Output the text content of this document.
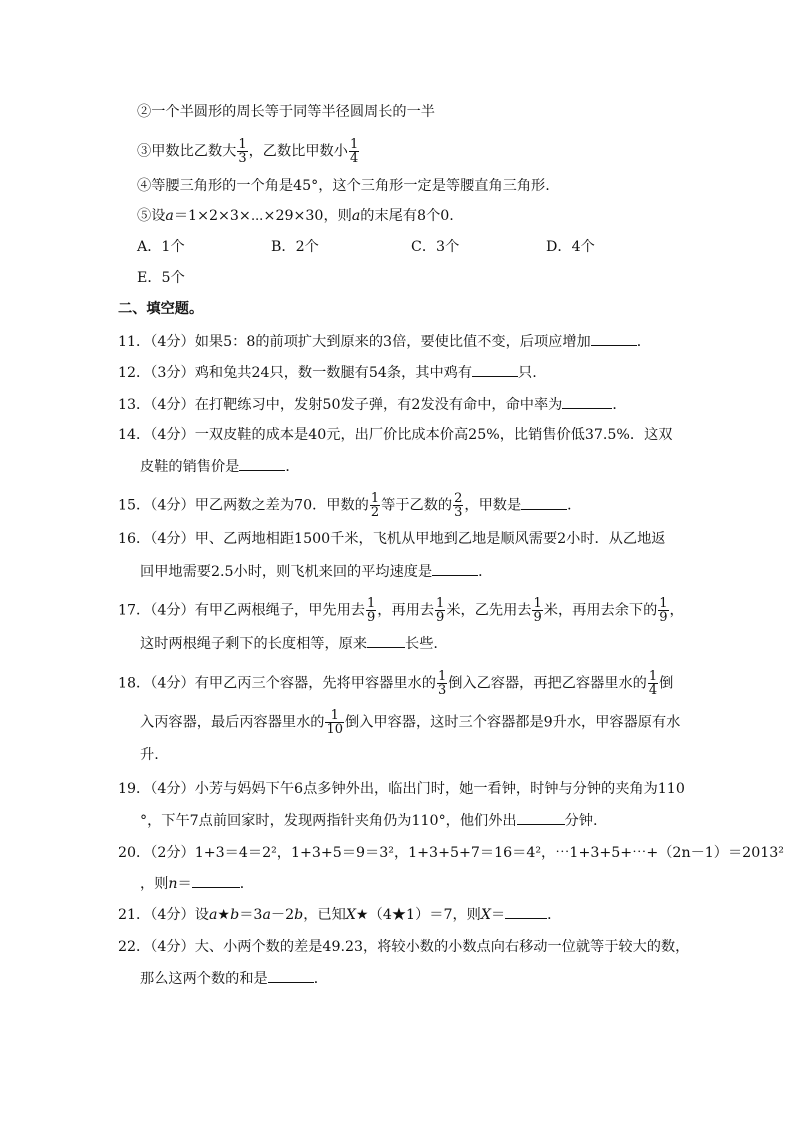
②一个半圆形的周长等于同等半径圆周长的一半
③甲数比乙数大 $\frac{1}{3}$ ，乙数比甲数小 $\frac{1}{4}$
④等腰三角形的一个角是45°，这个三角形一定是等腰直角三角形.
⑤设a＝1×2×3×⋯×29×30，则a的末尾有8个0.
A．1个	B．2个	C．3个	D．4个
E．5个
二、填空题。
11．（4分）如果5：8的前项扩大到原来的3倍，要使比值不变，后项应增加	．
12．（3分）鸡和兔共24只，数一数腿有54条，其中鸡有	只.
13．（4分）在打靶练习中，发射50发子弹，有2发没有命中，命中率为	．
14．（4分）一双皮鞋的成本是40元，出厂价比成本价高25%，比销售价低37.5%．这双
皮鞋的销售价是	．
15．（4分）甲乙两数之差为70．甲数的 $\frac{1}{2}$ 等于乙数的 $\frac{2}{3}$ ，甲数是	．
16．（4分）甲、乙两地相距1500千米，飞机从甲地到乙地是顺风需要2小时．从乙地返
回甲地需要2.5小时，则飞机来回的平均速度是	．
17．（4分）有甲乙两根绳子，甲先用去 $\frac{1}{9}$ ，再用去 $\frac{1}{9}$ 米，乙先用去 $\frac{1}{9}$ 米，再用去余下的 $\frac{1}{9}$ ，
这时两根绳子剩下的长度相等，原来	长些.
18．（4分）有甲乙丙三个容器，先将甲容器里水的 $\frac{1}{3}$ 倒入乙容器，再把乙容器里水的 $\frac{1}{4}$ 倒
入丙容器，最后丙容器里水的 $\frac{1}{10}$ 倒入甲容器，这时三个容器都是9升水，甲容器原有水
升.
19．（4分）小芳与妈妈下午6点多钟外出，临出门时，她一看钟，时钟与分钟的夹角为110
°，下午7点前回家时，发现两指针夹角仍为110°，他们外出	分钟.
20．（2分）1+3＝4＝2²，1+3+5＝9＝3²，1+3+5+7＝16＝4²，⋯1+3+5+⋯+（2n－1）＝2013²
，则n＝	．
21．（4分）设a★b＝3a－2b，已知X★（4★1）＝7，则X＝	．
22．（4分）大、小两个数的差是49.23，将较小数的小数点向右移动一位就等于较大的数，
那么这两个数的和是	．
